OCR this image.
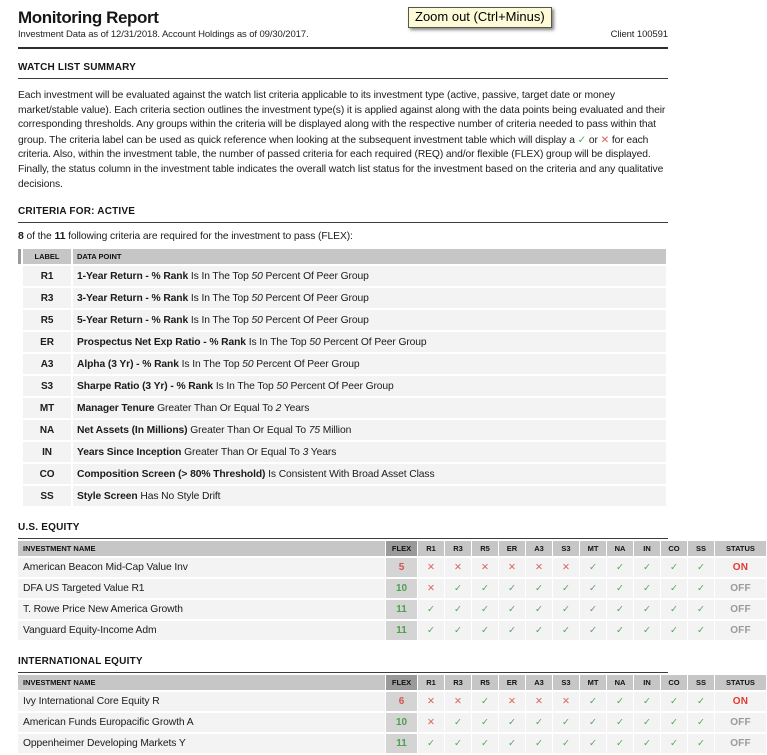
Zoom out (Ctrl+Minus)
Monitoring Report
Investment Data as of 12/31/2018. Account Holdings as of 09/30/2017.	Client 100591
WATCH LIST SUMMARY

Each investment will be evaluated against the watch list criteria applicable to its investment type (active, passive, target date or money market/stable value). Each criteria section outlines the investment type(s) it is applied against along with the data points being evaluated and their corresponding thresholds. Any groups within the criteria will be displayed along with the respective number of criteria needed to pass within that group. The criteria label can be used as quick reference when looking at the subsequent investment table which will display a ✓ or ✕ for each criteria. Also, within the investment table, the number of passed criteria for each required (REQ) and/or flexible (FLEX) group will be displayed. Finally, the status column in the investment table indicates the overall watch list status for the investment based on the criteria and any qualitative decisions.

CRITERIA FOR: ACTIVE

8 of the 11 following criteria are required for the investment to pass (FLEX):

	LABEL	DATA POINT
	R1	1-Year Return - % Rank Is In The Top 50 Percent Of Peer Group
	R3	3-Year Return - % Rank Is In The Top 50 Percent Of Peer Group
	R5	5-Year Return - % Rank Is In The Top 50 Percent Of Peer Group
	ER	Prospectus Net Exp Ratio - % Rank Is In The Top 50 Percent Of Peer Group
	A3	Alpha (3 Yr) - % Rank Is In The Top 50 Percent Of Peer Group
	S3	Sharpe Ratio (3 Yr) - % Rank Is In The Top 50 Percent Of Peer Group
	MT	Manager Tenure Greater Than Or Equal To 2 Years
	NA	Net Assets (In Millions) Greater Than Or Equal To 75 Million
	IN	Years Since Inception Greater Than Or Equal To 3 Years
	CO	Composition Screen (> 80% Threshold) Is Consistent With Broad Asset Class
	SS	Style Screen Has No Style Drift
U.S. EQUITY
INVESTMENT NAME	FLEX	R1	R3	R5	ER	A3	S3	MT	NA	IN	CO	SS	STATUS
American Beacon Mid-Cap Value Inv	5	✕	✕	✕	✕	✕	✕	✓	✓	✓	✓	✓	ON
DFA US Targeted Value R1	10	✕	✓	✓	✓	✓	✓	✓	✓	✓	✓	✓	OFF
T. Rowe Price New America Growth	11	✓	✓	✓	✓	✓	✓	✓	✓	✓	✓	✓	OFF
Vanguard Equity-Income Adm	11	✓	✓	✓	✓	✓	✓	✓	✓	✓	✓	✓	OFF
INTERNATIONAL EQUITY
INVESTMENT NAME	FLEX	R1	R3	R5	ER	A3	S3	MT	NA	IN	CO	SS	STATUS
Ivy International Core Equity R	6	✕	✕	✓	✕	✕	✕	✓	✓	✓	✓	✓	ON
American Funds Europacific Growth A	10	✕	✓	✓	✓	✓	✓	✓	✓	✓	✓	✓	OFF
Oppenheimer Developing Markets Y	11	✓	✓	✓	✓	✓	✓	✓	✓	✓	✓	✓	OFF
